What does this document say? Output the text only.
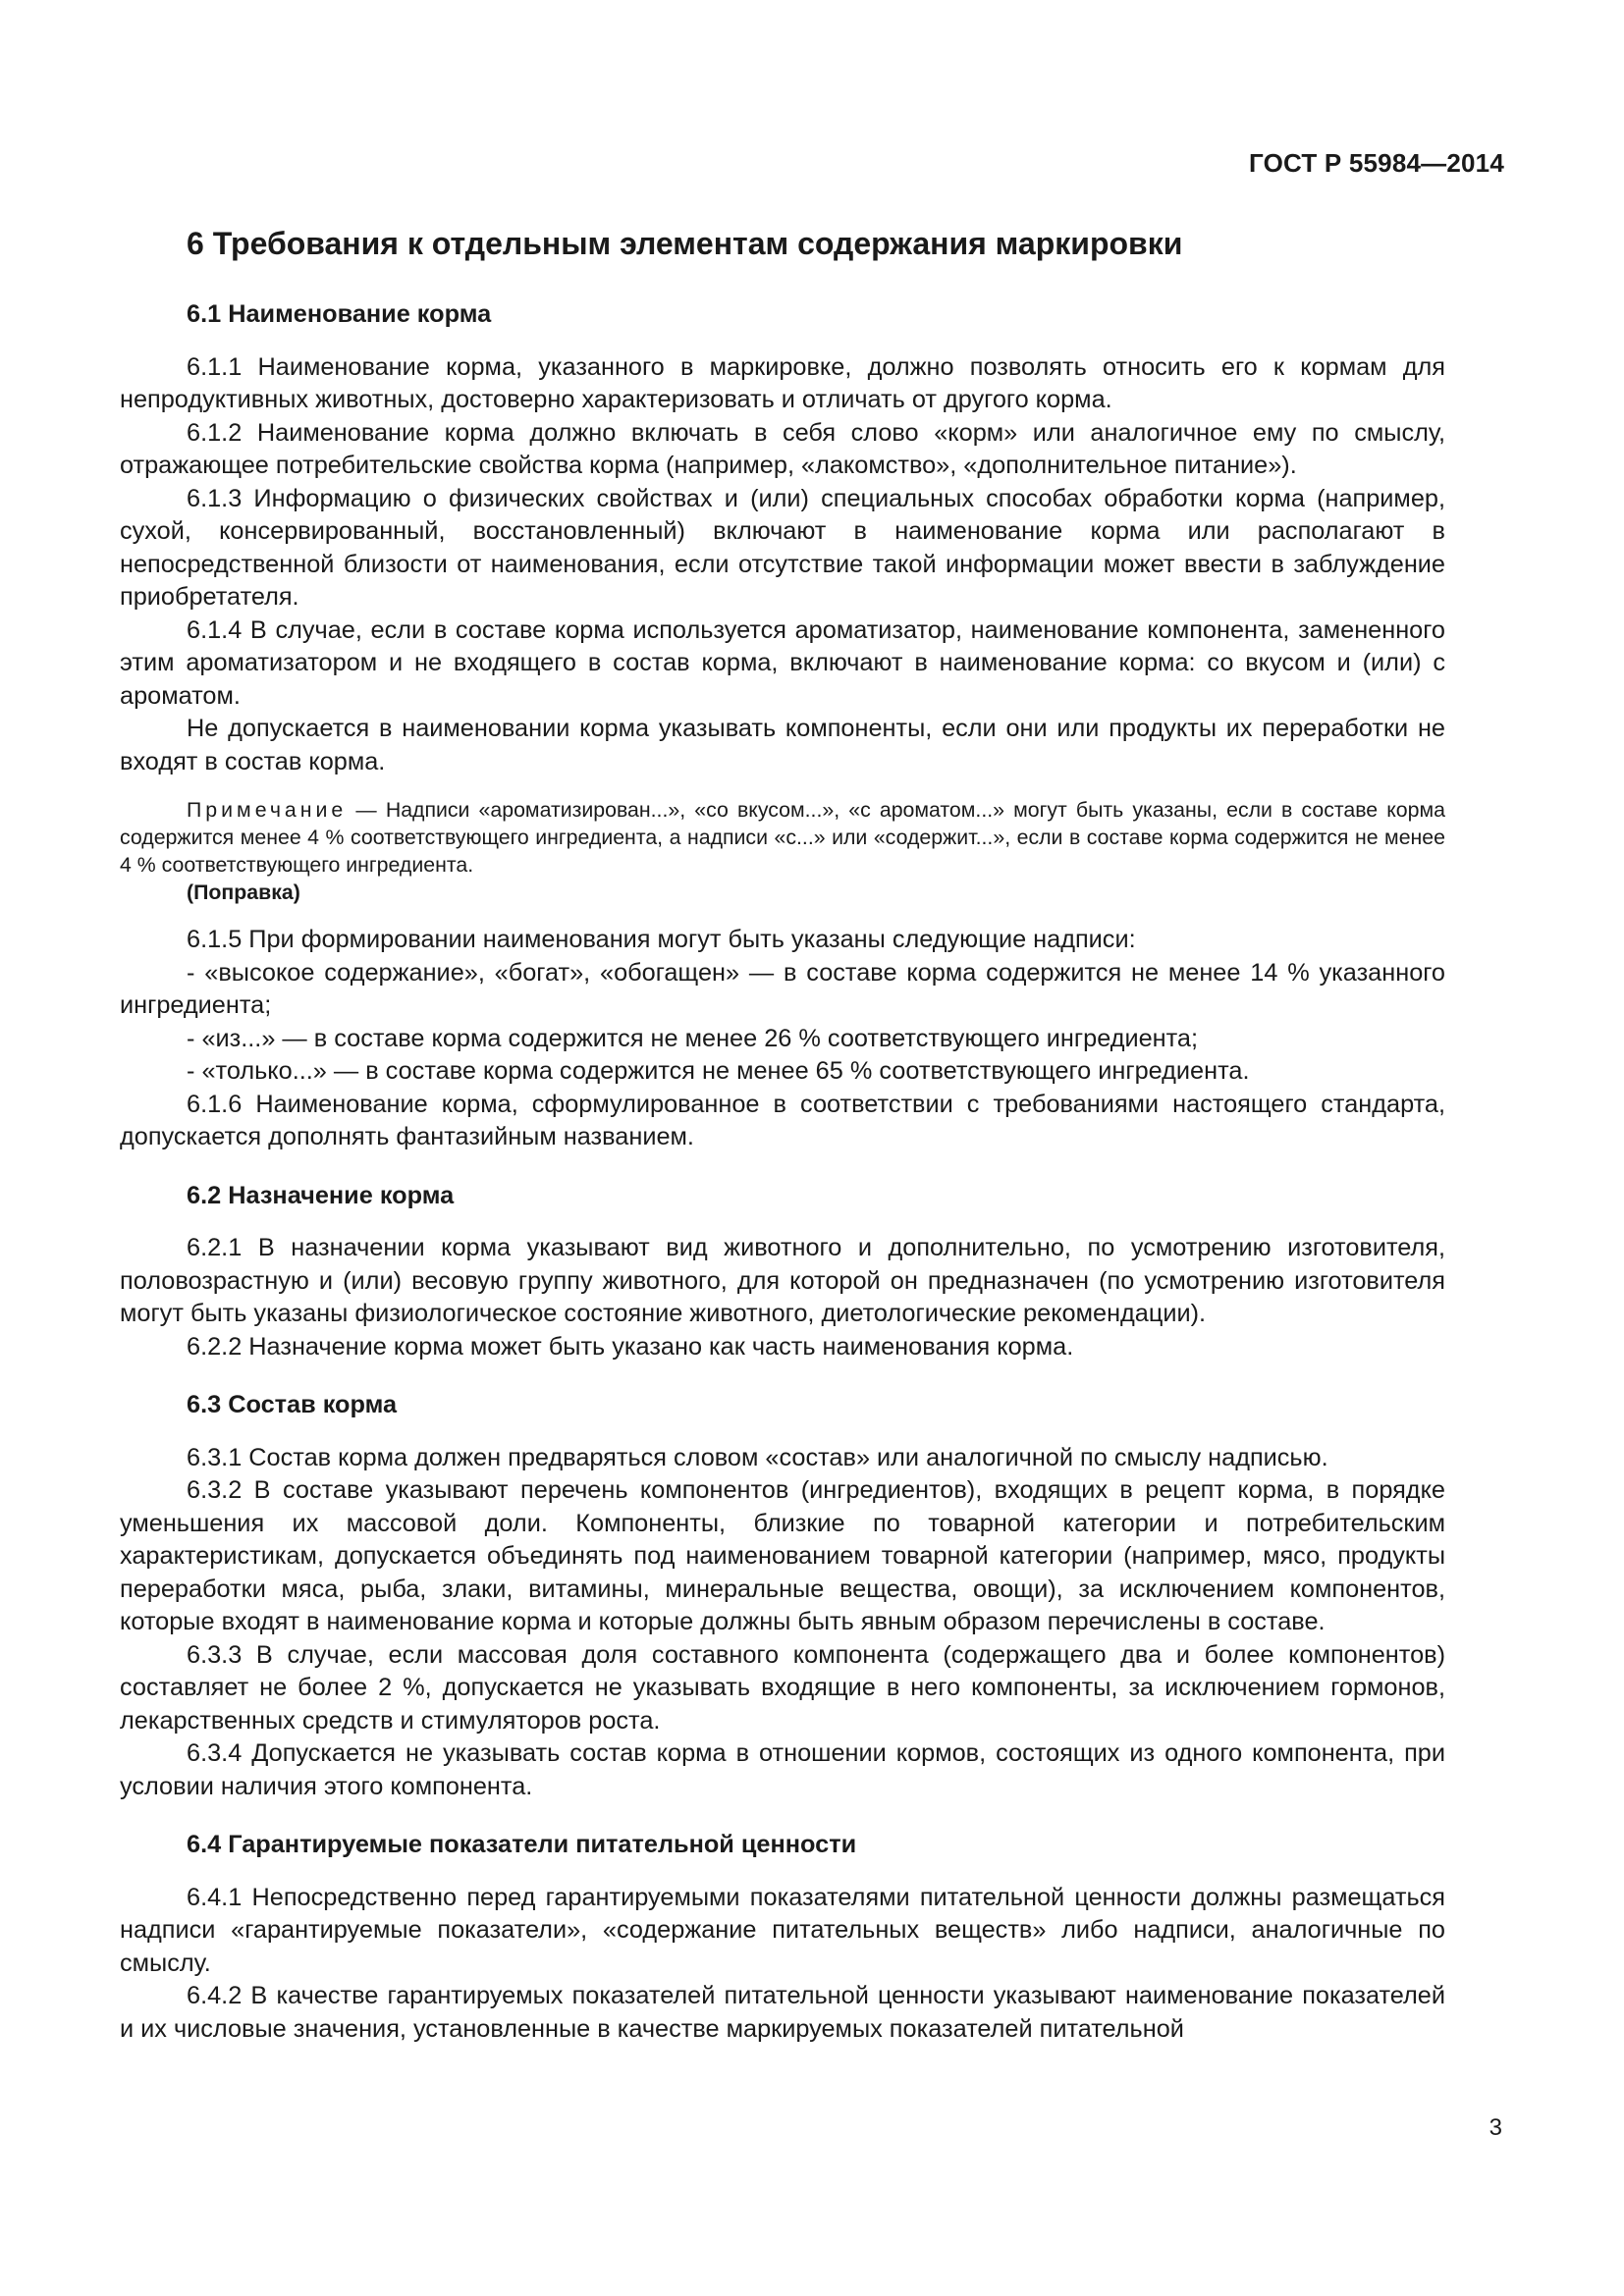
ГОСТ Р 55984—2014
6 Требования к отдельным элементам содержания маркировки
6.1 Наименование корма

6.1.1 Наименование корма, указанного в маркировке, должно позволять относить его к кормам для непродуктивных животных, достоверно характеризовать и отличать от другого корма.

6.1.2 Наименование корма должно включать в себя слово «корм» или аналогичное ему по смыслу, отражающее потребительские свойства корма (например, «лакомство», «дополнительное питание»).

6.1.3 Информацию о физических свойствах и (или) специальных способах обработки корма (например, сухой, консервированный, восстановленный) включают в наименование корма или располагают в непосредственной близости от наименования, если отсутствие такой информации может ввести в заблуждение приобретателя.

6.1.4 В случае, если в составе корма используется ароматизатор, наименование компонента, замененного этим ароматизатором и не входящего в состав корма, включают в наименование корма: со вкусом и (или) с ароматом.

Не допускается в наименовании корма указывать компоненты, если они или продукты их переработки не входят в состав корма.

Примечание — Надписи «ароматизирован...», «со вкусом...», «с ароматом...» могут быть указаны, если в составе корма содержится менее 4 % соответствующего ингредиента, а надписи «с...» или «содержит...», если в составе корма содержится не менее 4 % соответствующего ингредиента.
(Поправка)

6.1.5 При формировании наименования могут быть указаны следующие надписи:

- «высокое содержание», «богат», «обогащен» — в составе корма содержится не менее 14 % указанного ингредиента;

- «из...» — в составе корма содержится не менее 26 % соответствующего ингредиента;

- «только...» — в составе корма содержится не менее 65 % соответствующего ингредиента.

6.1.6 Наименование корма, сформулированное в соответствии с требованиями настоящего стандарта, допускается дополнять фантазийным названием.

6.2 Назначение корма

6.2.1 В назначении корма указывают вид животного и дополнительно, по усмотрению изготовителя, половозрастную и (или) весовую группу животного, для которой он предназначен (по усмотрению изготовителя могут быть указаны физиологическое состояние животного, диетологические рекомендации).

6.2.2 Назначение корма может быть указано как часть наименования корма.

6.3 Состав корма

6.3.1 Состав корма должен предваряться словом «состав» или аналогичной по смыслу надписью.

6.3.2 В составе указывают перечень компонентов (ингредиентов), входящих в рецепт корма, в порядке уменьшения их массовой доли. Компоненты, близкие по товарной категории и потребительским характеристикам, допускается объединять под наименованием товарной категории (например, мясо, продукты переработки мяса, рыба, злаки, витамины, минеральные вещества, овощи), за исключением компонентов, которые входят в наименование корма и которые должны быть явным образом перечислены в составе.

6.3.3 В случае, если массовая доля составного компонента (содержащего два и более компонентов) составляет не более 2 %, допускается не указывать входящие в него компоненты, за исключением гормонов, лекарственных средств и стимуляторов роста.

6.3.4 Допускается не указывать состав корма в отношении кормов, состоящих из одного компонента, при условии наличия этого компонента.

6.4 Гарантируемые показатели питательной ценности

6.4.1 Непосредственно перед гарантируемыми показателями питательной ценности должны размещаться надписи «гарантируемые показатели», «содержание питательных веществ» либо надписи, аналогичные по смыслу.

6.4.2 В качестве гарантируемых показателей питательной ценности указывают наименование показателей и их числовые значения, установленные в качестве маркируемых показателей питательной

3
